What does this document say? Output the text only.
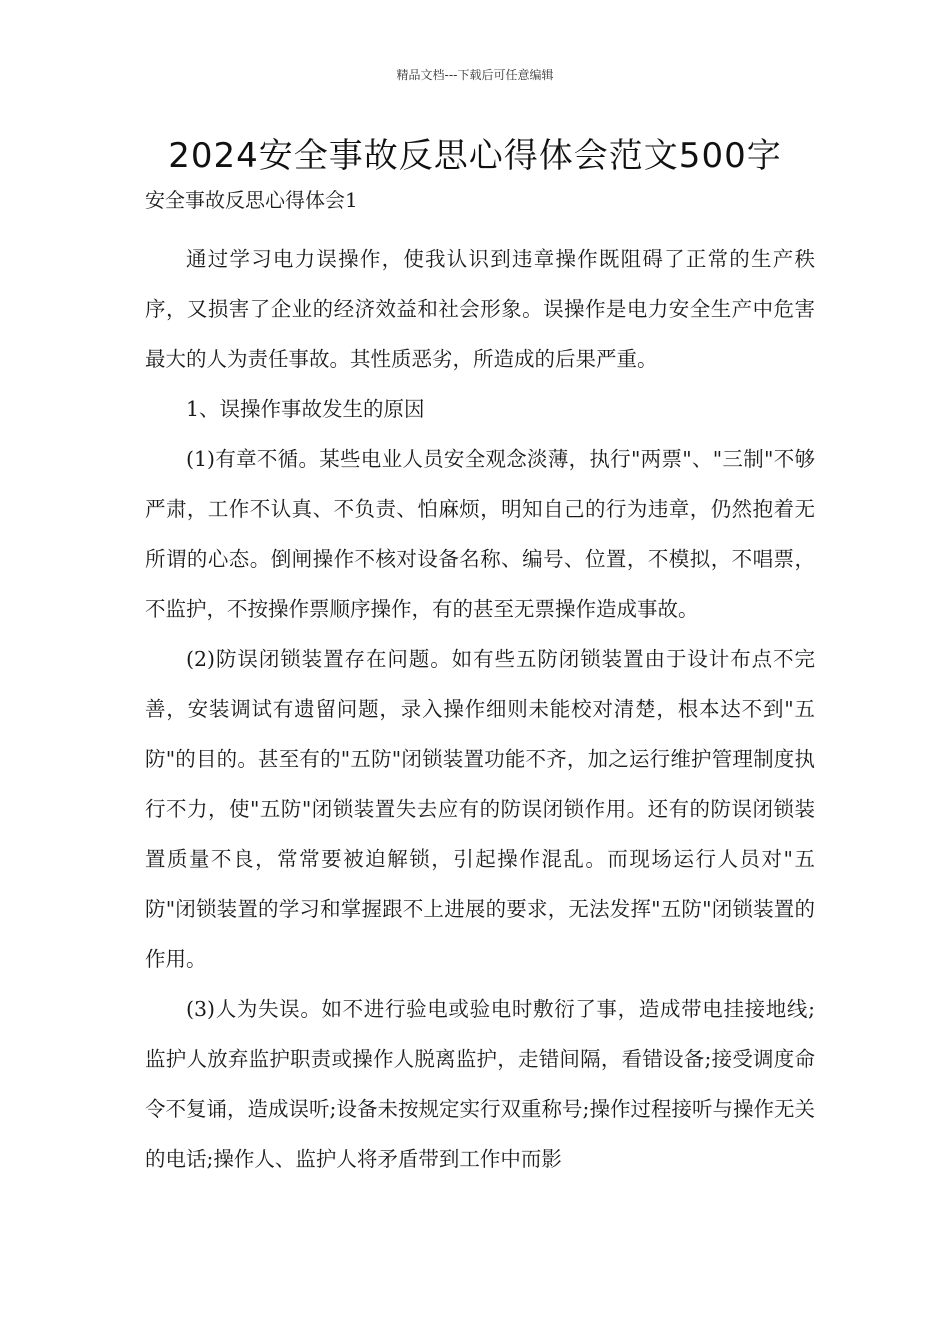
精品文档---下载后可任意编辑
2024安全事故反思心得体会范文500字
安全事故反思心得体会1

通过学习电力误操作，使我认识到违章操作既阻碍了正常的生产秩序，又损害了企业的经济效益和社会形象。误操作是电力安全生产中危害最大的人为责任事故。其性质恶劣，所造成的后果严重。

1、误操作事故发生的原因

(1)有章不循。某些电业人员安全观念淡薄，执行"两票"、"三制"不够严肃，工作不认真、不负责、怕麻烦，明知自己的行为违章，仍然抱着无所谓的心态。倒闸操作不核对设备名称、编号、位置，不模拟，不唱票，不监护，不按操作票顺序操作，有的甚至无票操作造成事故。

(2)防误闭锁装置存在问题。如有些五防闭锁装置由于设计布点不完善，安装调试有遗留问题，录入操作细则未能校对清楚，根本达不到"五防"的目的。甚至有的"五防"闭锁装置功能不齐，加之运行维护管理制度执行不力，使"五防"闭锁装置失去应有的防误闭锁作用。还有的防误闭锁装置质量不良，常常要被迫解锁，引起操作混乱。而现场运行人员对"五防"闭锁装置的学习和掌握跟不上进展的要求，无法发挥"五防"闭锁装置的作用。

(3)人为失误。如不进行验电或验电时敷衍了事，造成带电挂接地线;监护人放弃监护职责或操作人脱离监护，走错间隔，看错设备;接受调度命令不复诵，造成误听;设备未按规定实行双重称号;操作过程接听与操作无关的电话;操作人、监护人将矛盾带到工作中而影
